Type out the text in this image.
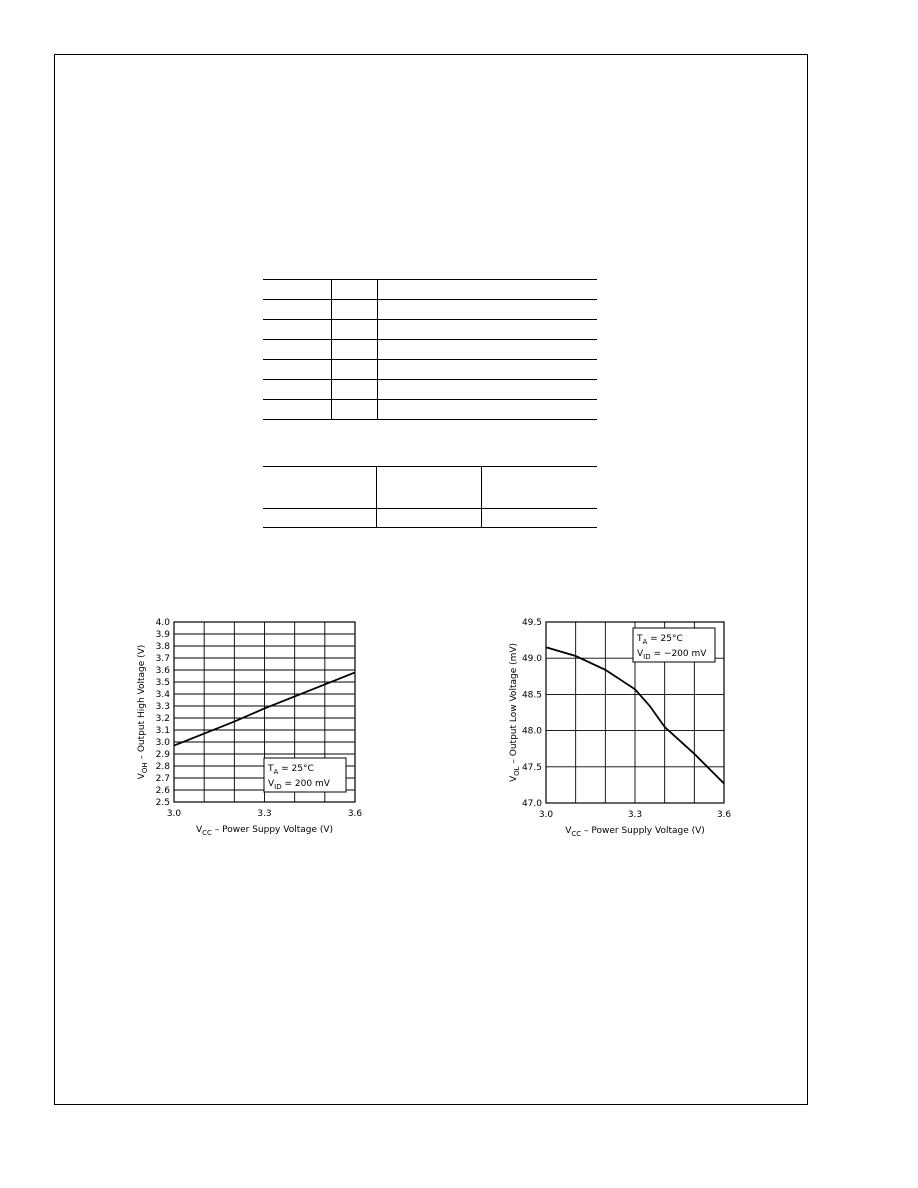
2.5
2.6
2.7
2.8
2.9
3.0
3.1
3.2
3.3
3.4
3.5
3.6
3.7
3.8
3.9
4.0
3.0	3.3	3.6
$V_{CC}$ – Power Suppy Voltage (V)
$V_{OH}$ – Output High Voltage (V)
$T_A = 25^\circ C$
$V_{ID} = 200$ mV
47.0
47.5
48.0
48.5
49.0
49.5
3.0	3.3	3.6
$V_{CC}$ – Power Supply Voltage (V)
$V_{OL}$ – Output Low Voltage (mV)
$T_A = 25^\circ C$
$V_{ID} = -200$ mV
